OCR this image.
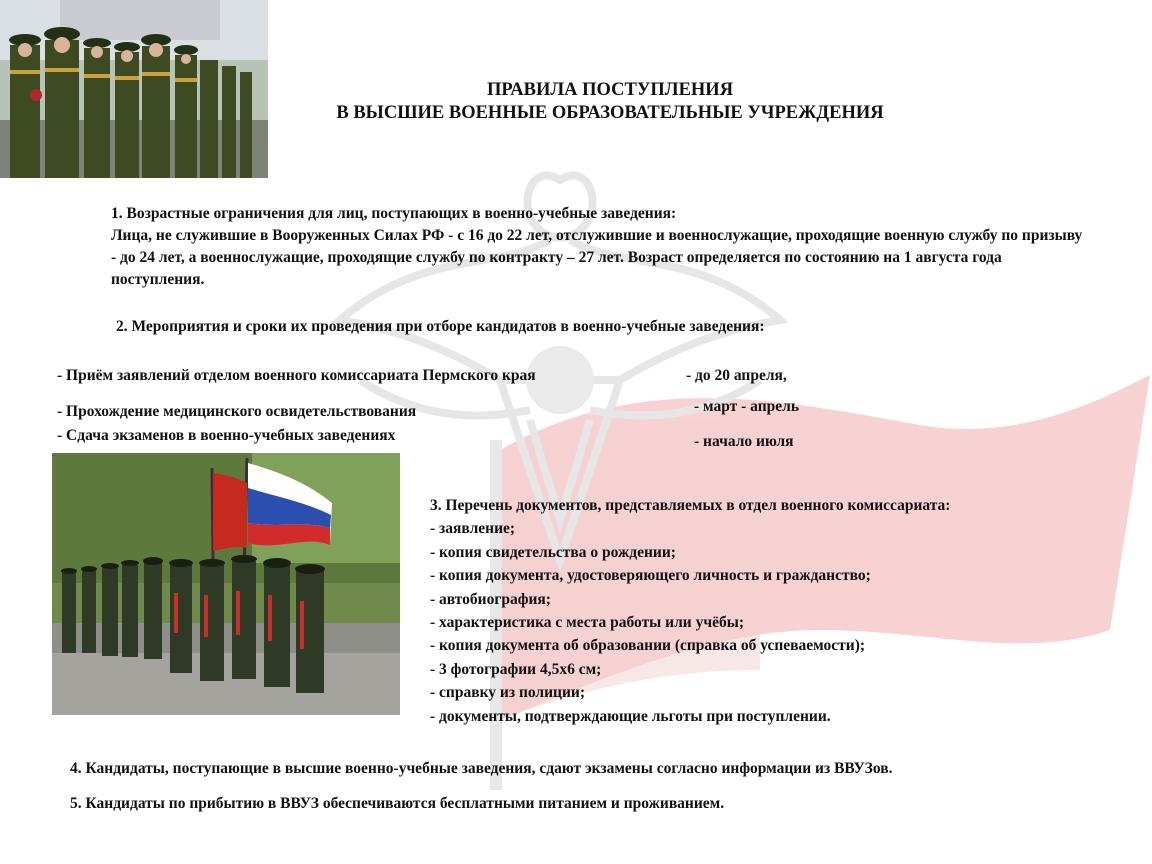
ПРАВИЛА ПОСТУПЛЕНИЯ
В ВЫСШИЕ ВОЕННЫЕ ОБРАЗОВАТЕЛЬНЫЕ УЧРЕЖДЕНИЯ
1. Возрастные ограничения для лиц, поступающих в военно-учебные заведения:
Лица, не служившие в Вооруженных Силах РФ - с 16 до 22 лет, отслужившие и военнослужащие, проходящие военную службу по призыву - до 24 лет, а военнослужащие, проходящие службу по контракту – 27 лет. Возраст определяется по состоянию на 1 августа года поступления.
2. Мероприятия и сроки их проведения при отборе кандидатов в военно-учебные заведения:
- Приём заявлений отделом военного комиссариата Пермского края	- до 20 апреля,
- Прохождение медицинского освидетельствования	- март - апрель
- Сдача экзаменов в военно-учебных заведениях	- начало июля
3. Перечень документов, представляемых в отдел военного комиссариата:
- заявление;
- копия свидетельства о рождении;
- копия документа, удостоверяющего личность и гражданство;
- автобиография;
- характеристика с места работы или учёбы;
- копия документа об образовании (справка об успеваемости);
- 3 фотографии 4,5х6 см;
- справку из полиции;
- документы, подтверждающие льготы при поступлении.
4. Кандидаты, поступающие в высшие военно-учебные заведения, сдают экзамены согласно информации из ВВУЗов.
5. Кандидаты по прибытию в ВВУЗ обеспечиваются бесплатными питанием и проживанием.
